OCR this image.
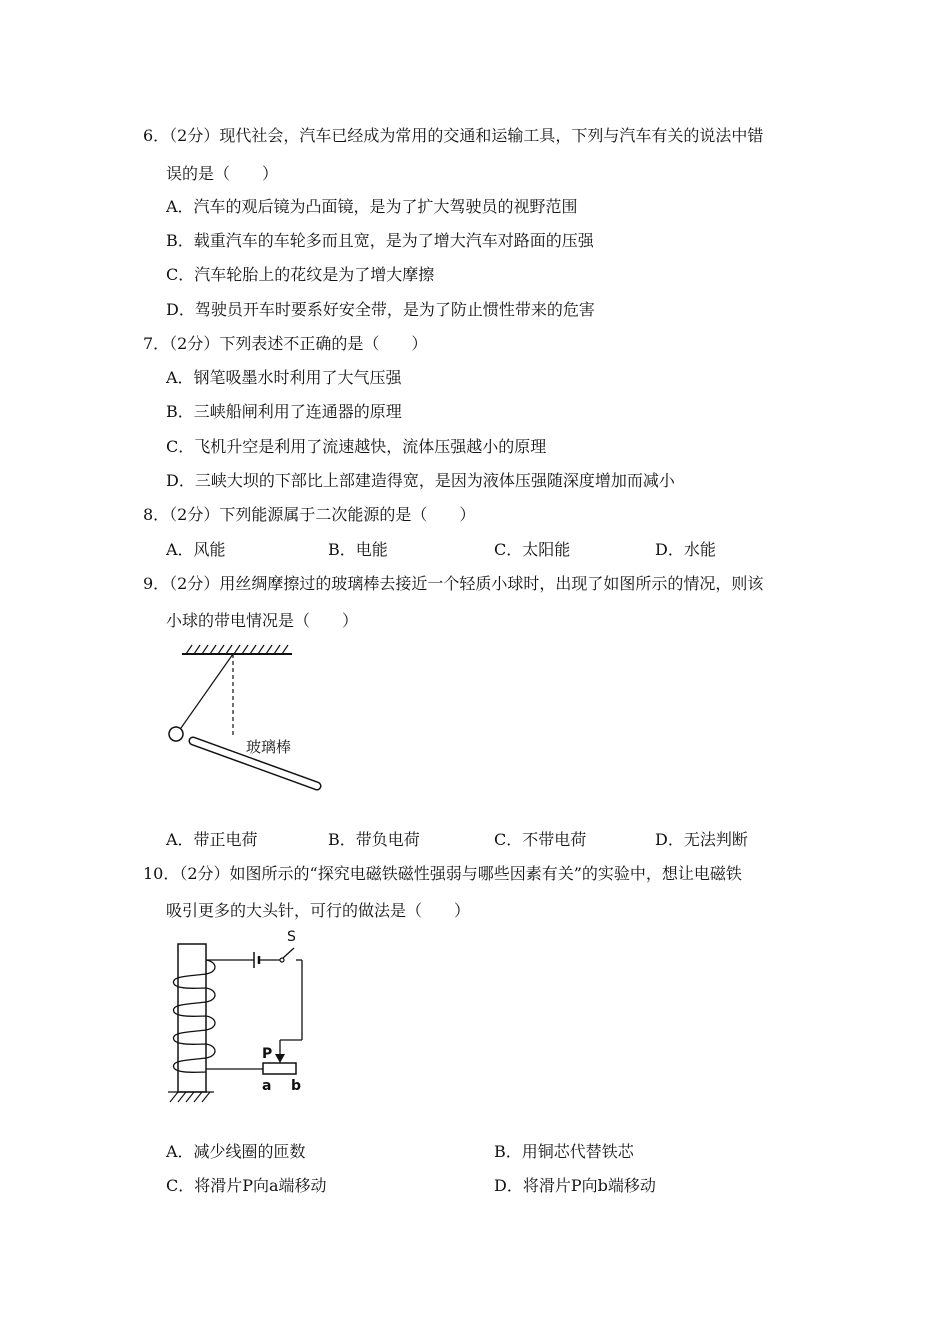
6．（2分）现代社会，汽车已经成为常用的交通和运输工具，下列与汽车有关的说法中错
误的是（　　）
A．汽车的观后镜为凸面镜，是为了扩大驾驶员的视野范围
B．载重汽车的车轮多而且宽，是为了增大汽车对路面的压强
C．汽车轮胎上的花纹是为了增大摩擦
D．驾驶员开车时要系好安全带，是为了防止惯性带来的危害
7．（2分）下列表述不正确的是（　　）
A．钢笔吸墨水时利用了大气压强
B．三峡船闸利用了连通器的原理
C．飞机升空是利用了流速越快，流体压强越小的原理
D．三峡大坝的下部比上部建造得宽，是因为液体压强随深度增加而减小
8．（2分）下列能源属于二次能源的是（　　）
A．风能	B．电能	C．太阳能	D．水能
9．（2分）用丝绸摩擦过的玻璃棒去接近一个轻质小球时，出现了如图所示的情况，则该
小球的带电情况是（　　）
玻璃棒
A．带正电荷	B．带负电荷	C．不带电荷	D．无法判断
10．（2分）如图所示的“探究电磁铁磁性强弱与哪些因素有关”的实验中，想让电磁铁
吸引更多的大头针，可行的做法是（　　）
S
P
a b
A．减少线圈的匝数	B．用铜芯代替铁芯
C．将滑片P向a端移动	D．将滑片P向b端移动
